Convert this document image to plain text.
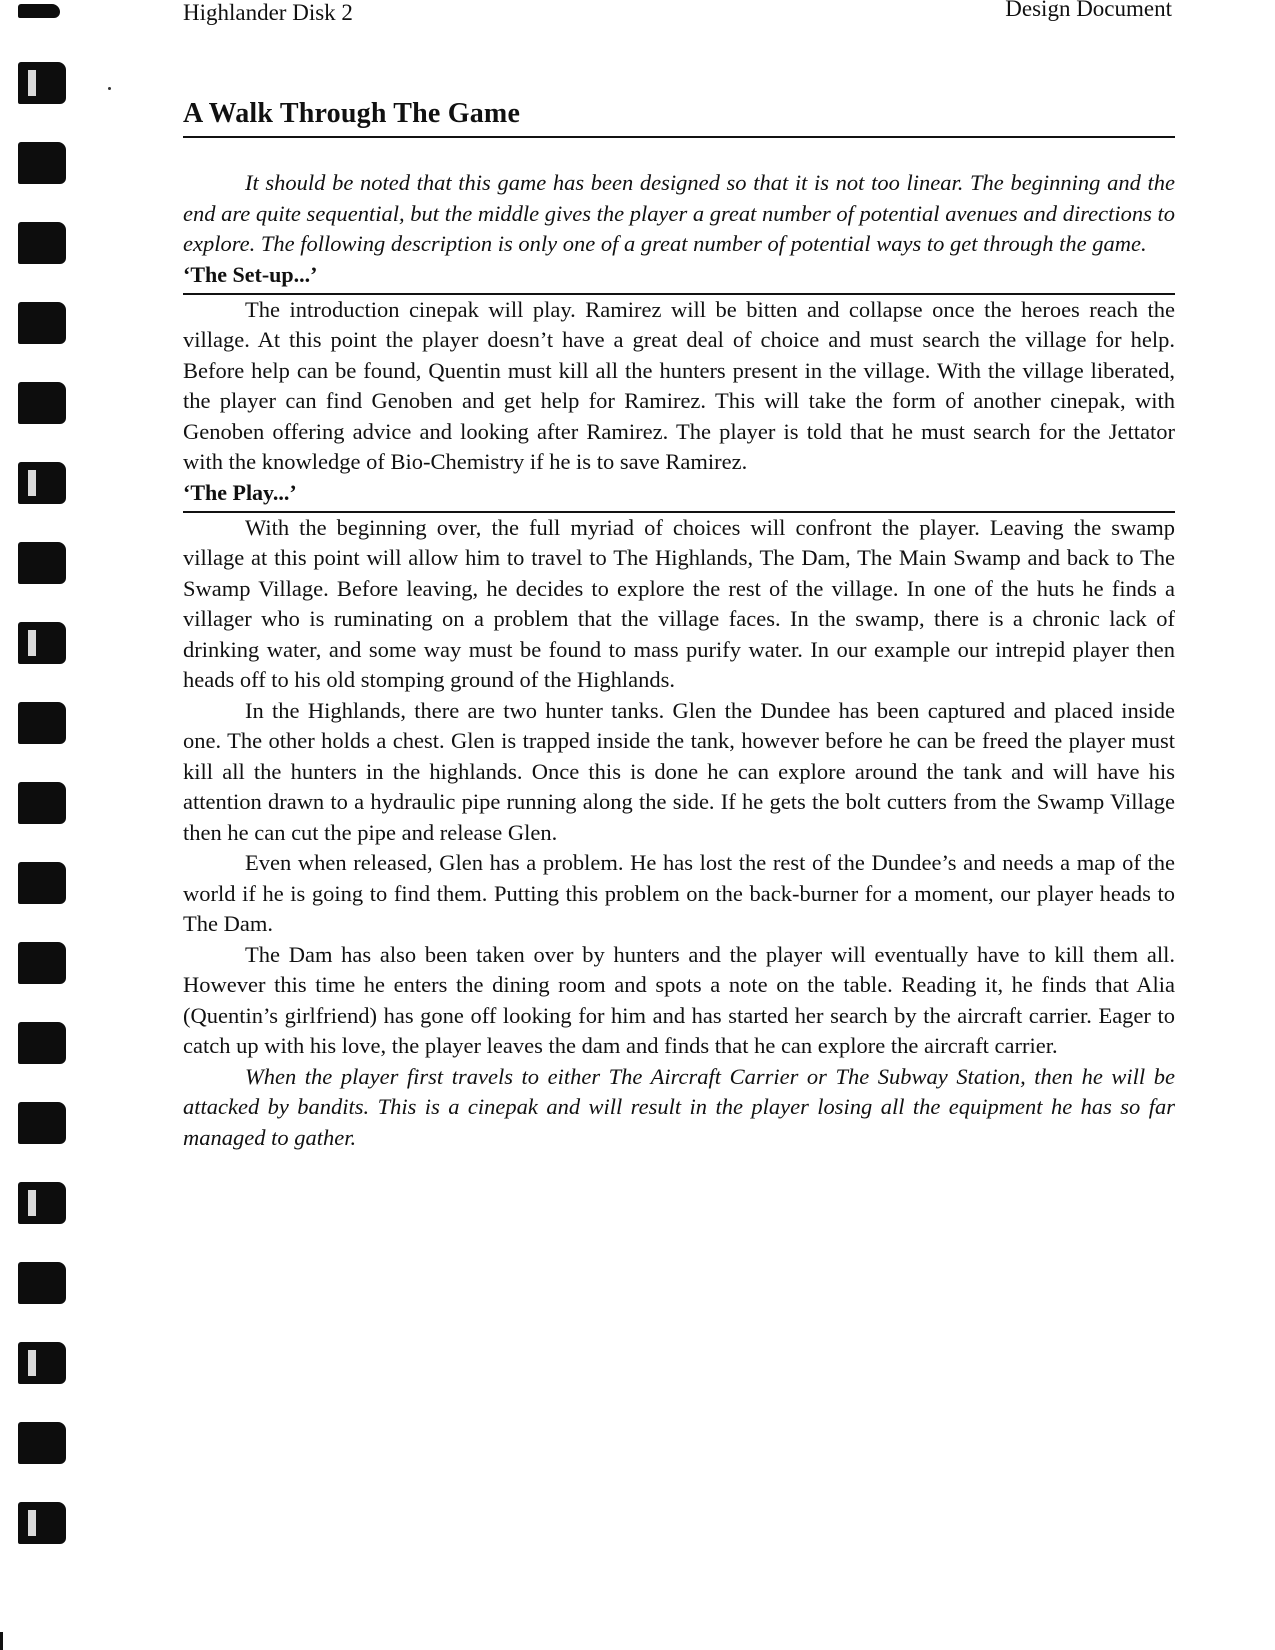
Highlander Disk 2	Design Document
A Walk Through The Game

It should be noted that this game has been designed so that it is not too linear. The beginning and the end are quite sequential, but the middle gives the player a great number of potential avenues and directions to explore. The following description is only one of a great number of potential ways to get through the game.

‘The Set-up...’

The introduction cinepak will play. Ramirez will be bitten and collapse once the heroes reach the village. At this point the player doesn’t have a great deal of choice and must search the village for help. Before help can be found, Quentin must kill all the hunters present in the village. With the village liberated, the player can find Genoben and get help for Ramirez. This will take the form of another cinepak, with Genoben offering advice and looking after Ramirez. The player is told that he must search for the Jettator with the knowledge of Bio-Chemistry if he is to save Ramirez.

‘The Play...’

With the beginning over, the full myriad of choices will confront the player. Leaving the swamp village at this point will allow him to travel to The Highlands, The Dam, The Main Swamp and back to The Swamp Village. Before leaving, he decides to explore the rest of the village. In one of the huts he finds a villager who is ruminating on a problem that the village faces. In the swamp, there is a chronic lack of drinking water, and some way must be found to mass purify water. In our example our intrepid player then heads off to his old stomping ground of the Highlands.

In the Highlands, there are two hunter tanks. Glen the Dundee has been captured and placed inside one. The other holds a chest. Glen is trapped inside the tank, however before he can be freed the player must kill all the hunters in the highlands. Once this is done he can explore around the tank and will have his attention drawn to a hydraulic pipe running along the side. If he gets the bolt cutters from the Swamp Village then he can cut the pipe and release Glen.

Even when released, Glen has a problem. He has lost the rest of the Dundee’s and needs a map of the world if he is going to find them. Putting this problem on the back-burner for a moment, our player heads to The Dam.

The Dam has also been taken over by hunters and the player will eventually have to kill them all. However this time he enters the dining room and spots a note on the table. Reading it, he finds that Alia (Quentin’s girlfriend) has gone off looking for him and has started her search by the aircraft carrier. Eager to catch up with his love, the player leaves the dam and finds that he can explore the aircraft carrier.

When the player first travels to either The Aircraft Carrier or The Subway Station, then he will be attacked by bandits. This is a cinepak and will result in the player losing all the equipment he has so far managed to gather.
